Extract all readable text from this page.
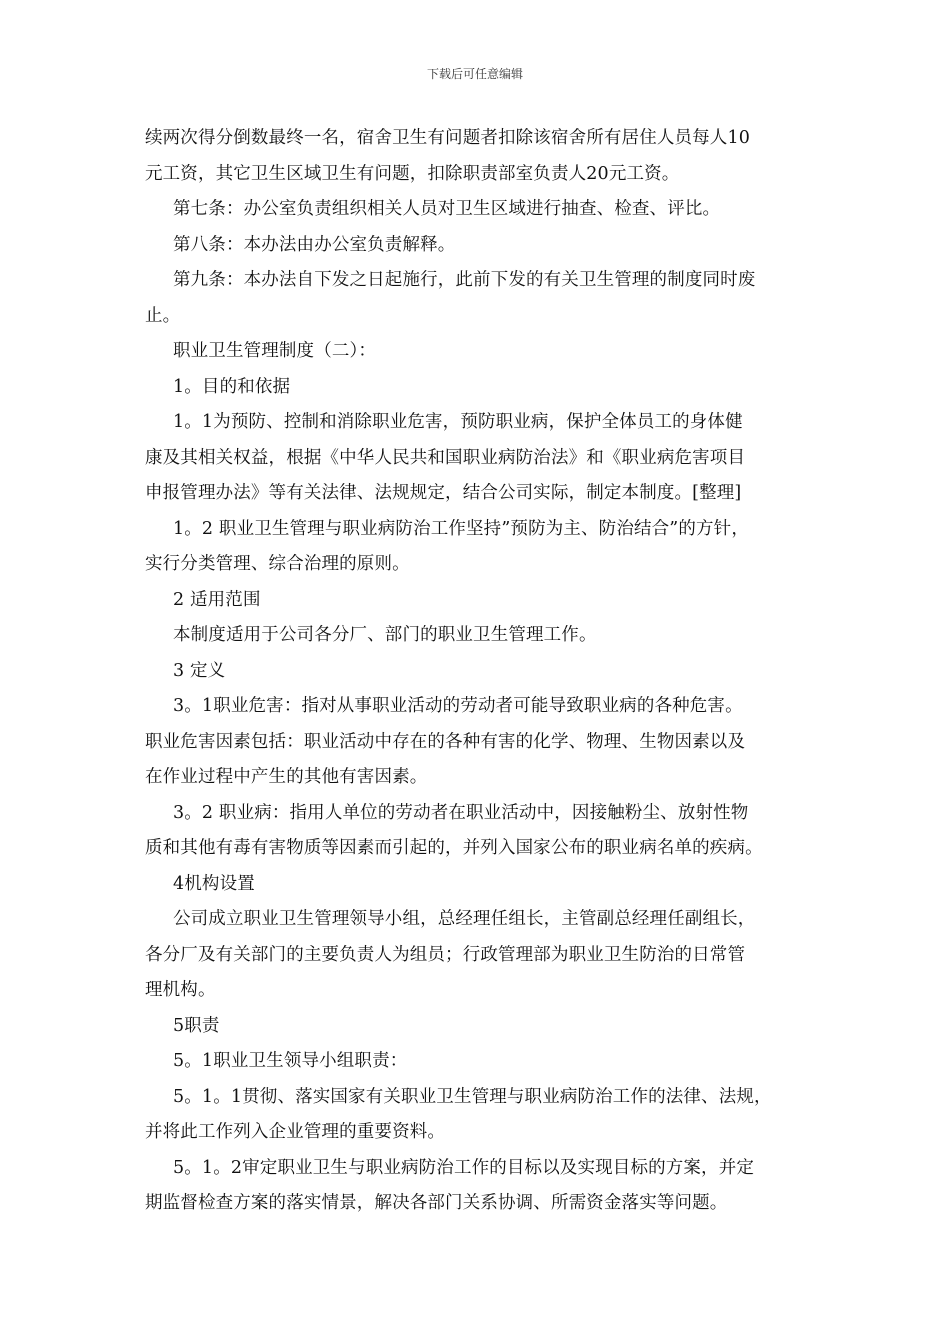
下载后可任意编辑
续两次得分倒数最终一名，宿舍卫生有问题者扣除该宿舍所有居住人员每人10
元工资，其它卫生区域卫生有问题，扣除职责部室负责人20元工资。
第七条：办公室负责组织相关人员对卫生区域进行抽查、检查、评比。
第八条：本办法由办公室负责解释。
第九条：本办法自下发之日起施行，此前下发的有关卫生管理的制度同时废
止。
职业卫生管理制度（二）：
1。目的和依据
1。1为预防、控制和消除职业危害，预防职业病，保护全体员工的身体健
康及其相关权益，根据《中华人民共和国职业病防治法》和《职业病危害项目
申报管理办法》等有关法律、法规规定，结合公司实际，制定本制度。[整理]
1。2 职业卫生管理与职业病防治工作坚持”预防为主、防治结合”的方针，
实行分类管理、综合治理的原则。
2 适用范围
本制度适用于公司各分厂、部门的职业卫生管理工作。
3 定义
3。1职业危害：指对从事职业活动的劳动者可能导致职业病的各种危害。
职业危害因素包括：职业活动中存在的各种有害的化学、物理、生物因素以及
在作业过程中产生的其他有害因素。
3。2 职业病：指用人单位的劳动者在职业活动中，因接触粉尘、放射性物
质和其他有毒有害物质等因素而引起的，并列入国家公布的职业病名单的疾病。
4机构设置
公司成立职业卫生管理领导小组，总经理任组长，主管副总经理任副组长，
各分厂及有关部门的主要负责人为组员；行政管理部为职业卫生防治的日常管
理机构。
5职责
5。1职业卫生领导小组职责：
5。1。1贯彻、落实国家有关职业卫生管理与职业病防治工作的法律、法规，
并将此工作列入企业管理的重要资料。
5。1。2审定职业卫生与职业病防治工作的目标以及实现目标的方案，并定
期监督检查方案的落实情景，解决各部门关系协调、所需资金落实等问题。
